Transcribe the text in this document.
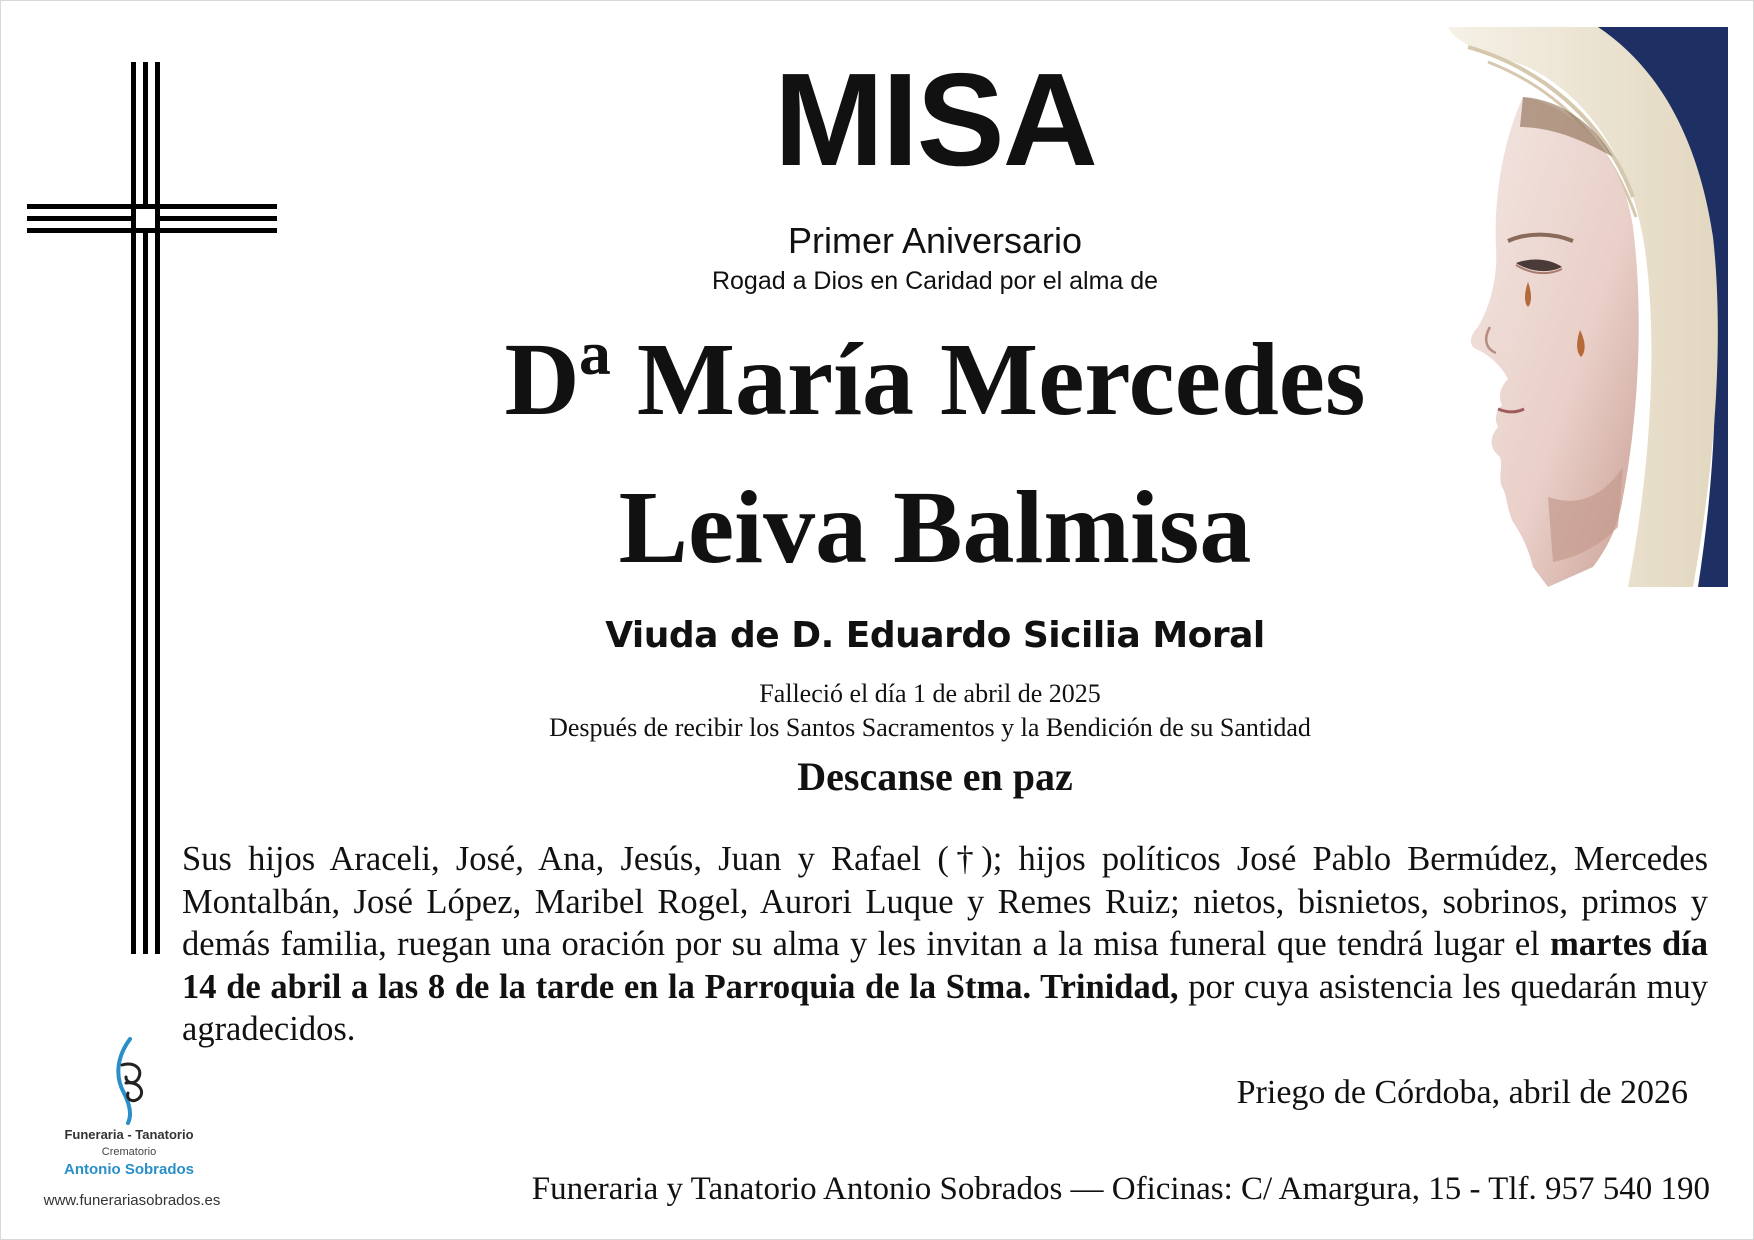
MISA
Primer Aniversario
Rogad a Dios en Caridad por el alma de
Dª María Mercedes
Leiva Balmisa
Viuda de D. Eduardo Sicilia Moral
Falleció el día 1 de abril de 2025
Después de recibir los Santos Sacramentos y la Bendición de su Santidad
Descanse en paz
Sus hijos Araceli, José, Ana, Jesús, Juan y Rafael (†); hijos políticos José Pablo Bermúdez, Mercedes Montalbán, José López, Maribel Rogel, Aurori Luque y Remes Ruiz; nietos, bisnietos, sobrinos, primos y demás familia, ruegan una oración por su alma y les invitan a la misa funeral que tendrá lugar el martes día 14 de abril a las 8 de la tarde en la Parroquia de la Stma. Trinidad, por cuya asistencia les quedarán muy agradecidos.
Priego de Córdoba, abril de 2026
Funeraria y Tanatorio Antonio Sobrados — Oficinas: C/ Amargura, 15 - Tlf. 957 540 190
Funeraria - Tanatorio
Crematorio
Antonio Sobrados
www.funerariasobrados.es
